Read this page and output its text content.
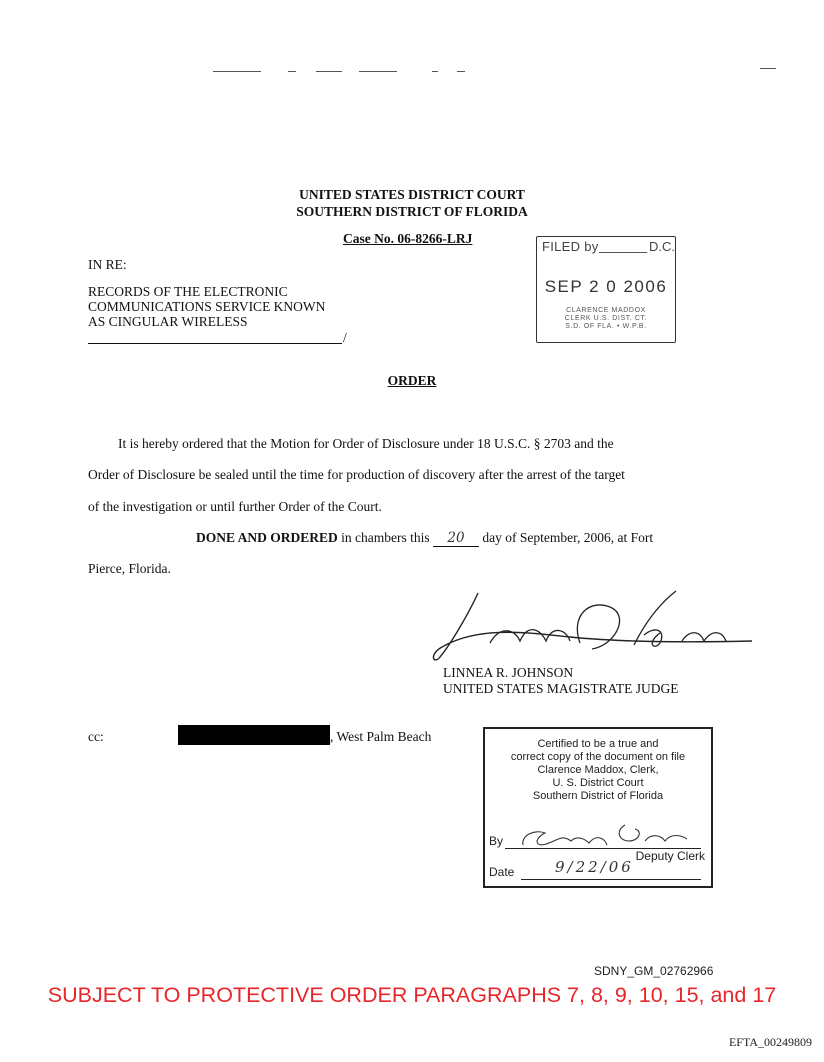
UNITED STATES DISTRICT COURT
SOUTHERN DISTRICT OF FLORIDA
Case No. 06-8266-LRJ
IN RE:
RECORDS OF THE ELECTRONIC
COMMUNICATIONS SERVICE KNOWN
AS CINGULAR WIRELESS
/
FILED by	D.C.
SEP 2 0 2006
CLARENCE MADDOX
CLERK U.S. DIST. CT.
S.D. OF FLA. • W.P.B.
ORDER
It is hereby ordered that the Motion for Order of Disclosure under 18 U.S.C. § 2703 and the
Order of Disclosure be sealed until the time for production of discovery after the arrest of the target
of the investigation or until further Order of the Court.
DONE AND ORDERED in chambers this 20 day of September, 2006, at Fort
Pierce, Florida.
LINNEA R. JOHNSON
UNITED STATES MAGISTRATE JUDGE
cc:	, West Palm Beach	Certified to be a true and
correct copy of the document on file
Clarence Maddox, Clerk,
U. S. District Court
Southern District of Florida
By
Deputy Clerk
Date	9/22/06
SDNY_GM_02762966
SUBJECT TO PROTECTIVE ORDER PARAGRAPHS 7, 8, 9, 10, 15, and 17
EFTA_00249809
